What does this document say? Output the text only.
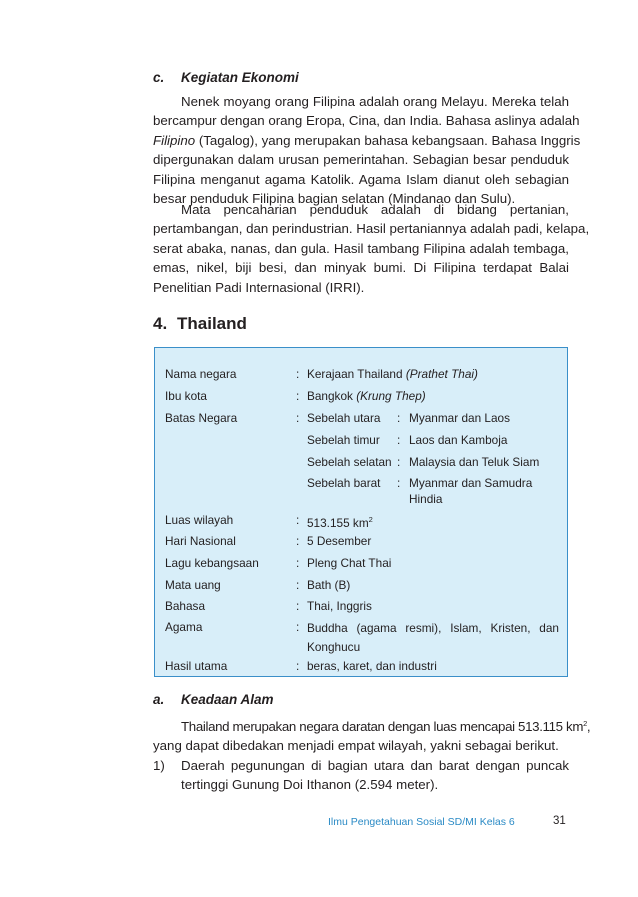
c. Kegiatan Ekonomi
Nenek moyang orang Filipina adalah orang Melayu. Mereka telah
bercampur dengan orang Eropa, Cina, dan India. Bahasa aslinya adalah
Filipino (Tagalog), yang merupakan bahasa kebangsaan. Bahasa Inggris
dipergunakan dalam urusan pemerintahan. Sebagian besar penduduk
Filipina menganut agama Katolik. Agama Islam dianut oleh sebagian
besar penduduk Filipina bagian selatan (Mindanao dan Sulu).
Mata pencaharian penduduk adalah di bidang pertanian,
pertambangan, dan perindustrian. Hasil pertaniannya adalah padi, kelapa,
serat abaka, nanas, dan gula. Hasil tambang Filipina adalah tembaga,
emas, nikel, biji besi, dan minyak bumi. Di Filipina terdapat Balai
Penelitian Padi Internasional (IRRI).
4. Thailand
Nama negara	: Kerajaan Thailand (Prathet Thai)
Ibu kota	: Bangkok (Krung Thep)
Batas Negara	: Sebelah utara : Myanmar dan Laos
Sebelah timur : Laos dan Kamboja
Sebelah selatan : Malaysia dan Teluk Siam
Sebelah barat : Myanmar dan Samudra Hindia
Luas wilayah	: 513.155 $km^2$
Hari Nasional	: 5 Desember
Lagu kebangsaan	: Pleng Chat Thai
Mata uang	: Bath (B)
Bahasa	: Thai, Inggris
Agama	: Buddha (agama resmi), Islam, Kristen, dan Konghucu
Hasil utama	: beras, karet, dan industri
a. Keadaan Alam
Thailand merupakan negara daratan dengan luas mencapai 513.115 $km^2$,
yang dapat dibedakan menjadi empat wilayah, yakni sebagai berikut.
1) Daerah pegunungan di bagian utara dan barat dengan puncak
tertinggi Gunung Doi Ithanon (2.594 meter).
Ilmu Pengetahuan Sosial SD/MI Kelas 6	31
